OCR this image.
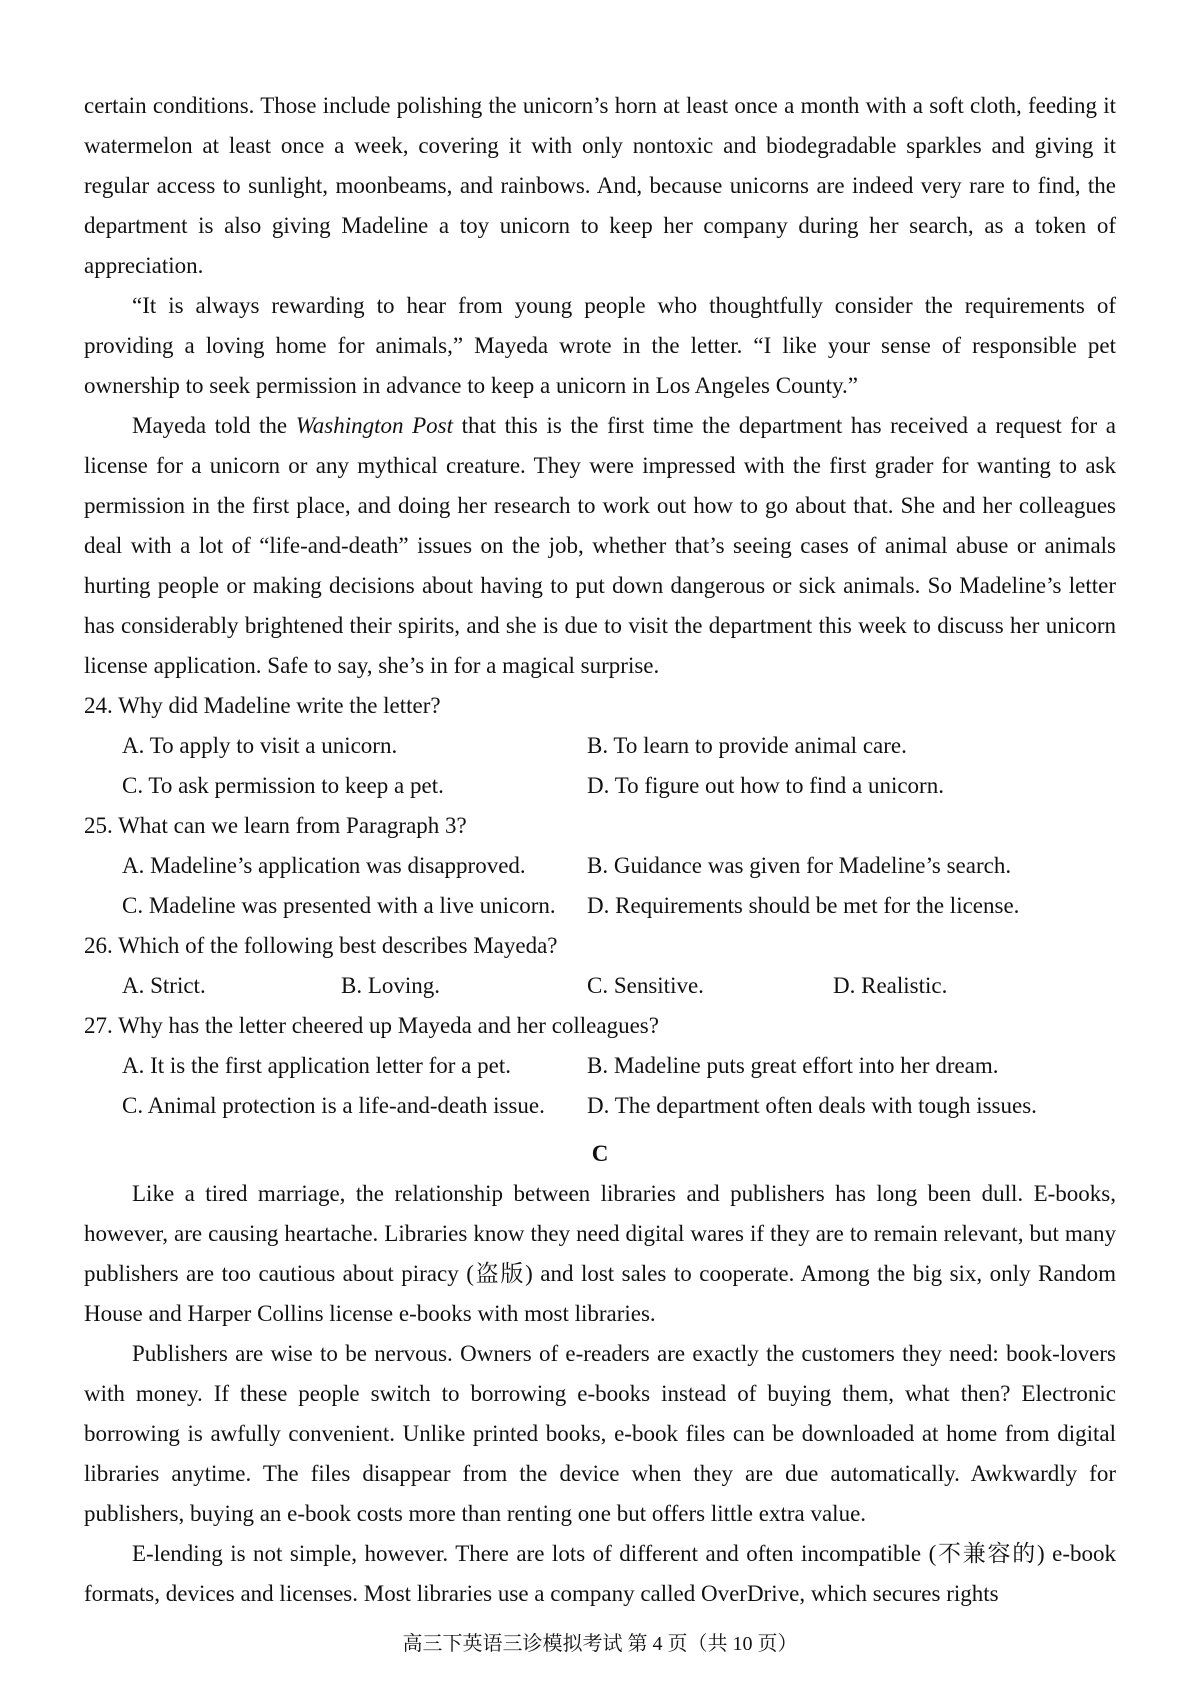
certain conditions. Those include polishing the unicorn’s horn at least once a month with a soft cloth, feeding it watermelon at least once a week, covering it with only nontoxic and biodegradable sparkles and giving it regular access to sunlight, moonbeams, and rainbows. And, because unicorns are indeed very rare to find, the department is also giving Madeline a toy unicorn to keep her company during her search, as a token of appreciation.

“It is always rewarding to hear from young people who thoughtfully consider the requirements of providing a loving home for animals,” Mayeda wrote in the letter. “I like your sense of responsible pet ownership to seek permission in advance to keep a unicorn in Los Angeles County.”

Mayeda told the Washington Post that this is the first time the department has received a request for a license for a unicorn or any mythical creature. They were impressed with the first grader for wanting to ask permission in the first place, and doing her research to work out how to go about that. She and her colleagues deal with a lot of “life-and-death” issues on the job, whether that’s seeing cases of animal abuse or animals hurting people or making decisions about having to put down dangerous or sick animals. So Madeline’s letter has considerably brightened their spirits, and she is due to visit the department this week to discuss her unicorn license application. Safe to say, she’s in for a magical surprise.

24. Why did Madeline write the letter?

A. To apply to visit a unicorn.	B. To learn to provide animal care.
C. To ask permission to keep a pet.	D. To figure out how to find a unicorn.

25. What can we learn from Paragraph 3?

A. Madeline’s application was disapproved.	B. Guidance was given for Madeline’s search.
C. Madeline was presented with a live unicorn.	D. Requirements should be met for the license.

26. Which of the following best describes Mayeda?

A. Strict.	B. Loving.	C. Sensitive.	D. Realistic.

27. Why has the letter cheered up Mayeda and her colleagues?

A. It is the first application letter for a pet.	B. Madeline puts great effort into her dream.
C. Animal protection is a life-and-death issue.	D. The department often deals with tough issues.

C

Like a tired marriage, the relationship between libraries and publishers has long been dull. E-books, however, are causing heartache. Libraries know they need digital wares if they are to remain relevant, but many publishers are too cautious about piracy (盗版) and lost sales to cooperate. Among the big six, only Random House and Harper Collins license e-books with most libraries.

Publishers are wise to be nervous. Owners of e-readers are exactly the customers they need: book-lovers with money. If these people switch to borrowing e-books instead of buying them, what then? Electronic borrowing is awfully convenient. Unlike printed books, e-book files can be downloaded at home from digital libraries anytime. The files disappear from the device when they are due automatically. Awkwardly for publishers, buying an e-book costs more than renting one but offers little extra value.

E-lending is not simple, however. There are lots of different and often incompatible (不兼容的) e-book formats, devices and licenses. Most libraries use a company called OverDrive, which secures rights

高三下英语三诊模拟考试 第 4 页（共 10 页）
